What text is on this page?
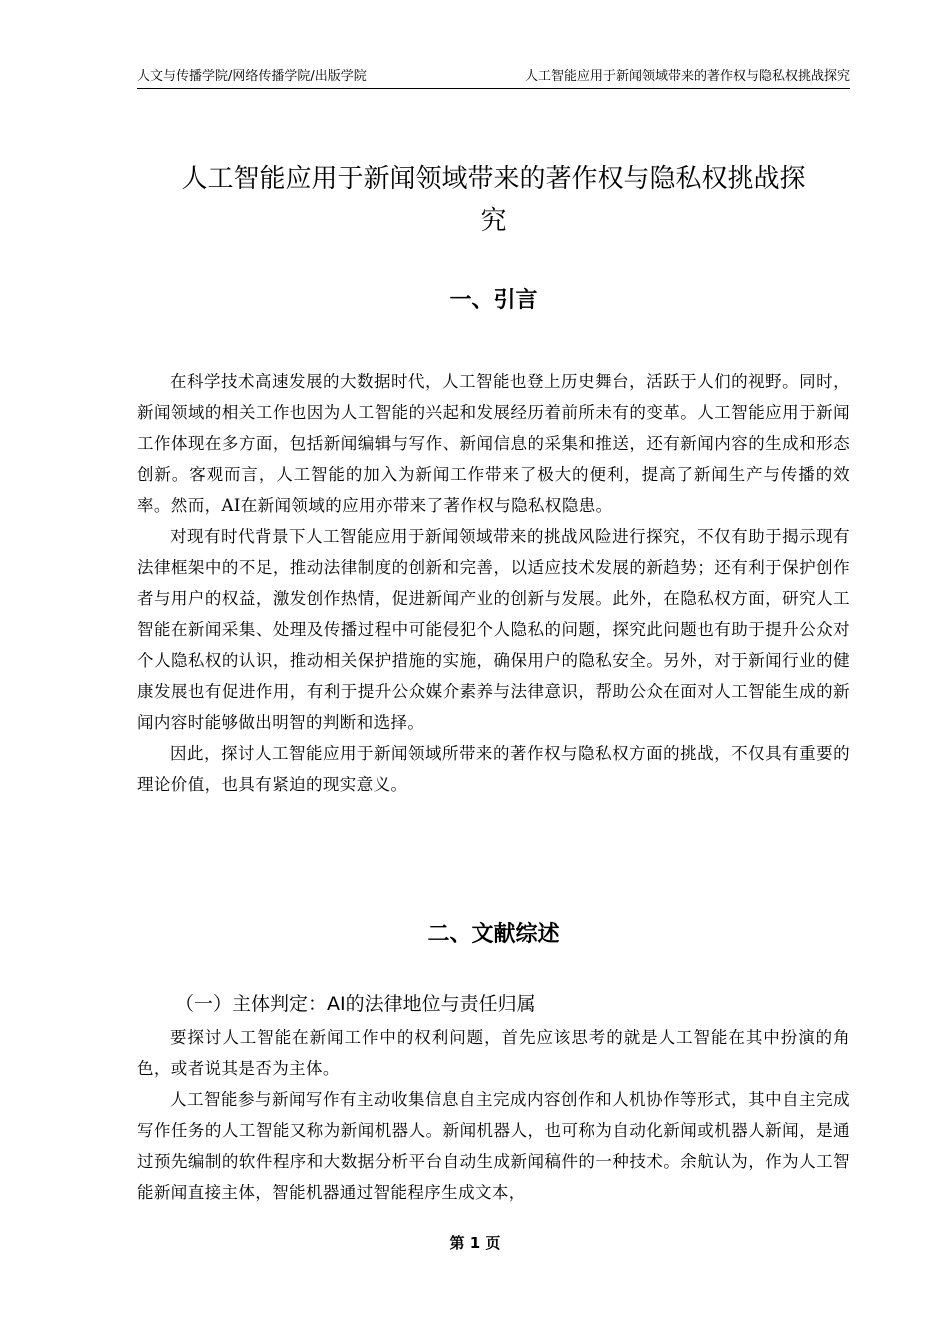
人文与传播学院/网络传播学院/出版学院	人工智能应用于新闻领域带来的著作权与隐私权挑战探究
人工智能应用于新闻领域带来的著作权与隐私权挑战探
究
一、引言

在科学技术高速发展的大数据时代，人工智能也登上历史舞台，活跃于人们的视野。同时，新闻领域的相关工作也因为人工智能的兴起和发展经历着前所未有的变革。人工智能应用于新闻工作体现在多方面，包括新闻编辑与写作、新闻信息的采集和推送，还有新闻内容的生成和形态创新。客观而言，人工智能的加入为新闻工作带来了极大的便利，提高了新闻生产与传播的效率。然而，AI在新闻领域的应用亦带来了著作权与隐私权隐患。

对现有时代背景下人工智能应用于新闻领域带来的挑战风险进行探究，不仅有助于揭示现有法律框架中的不足，推动法律制度的创新和完善，以适应技术发展的新趋势；还有利于保护创作者与用户的权益，激发创作热情，促进新闻产业的创新与发展。此外，在隐私权方面，研究人工智能在新闻采集、处理及传播过程中可能侵犯个人隐私的问题，探究此问题也有助于提升公众对个人隐私权的认识，推动相关保护措施的实施，确保用户的隐私安全。另外，对于新闻行业的健康发展也有促进作用，有利于提升公众媒介素养与法律意识，帮助公众在面对人工智能生成的新闻内容时能够做出明智的判断和选择。

因此，探讨人工智能应用于新闻领域所带来的著作权与隐私权方面的挑战，不仅具有重要的理论价值，也具有紧迫的现实意义。

二、文献综述
（一）主体判定：AI的法律地位与责任归属

要探讨人工智能在新闻工作中的权利问题，首先应该思考的就是人工智能在其中扮演的角色，或者说其是否为主体。

人工智能参与新闻写作有主动收集信息自主完成内容创作和人机协作等形式，其中自主完成写作任务的人工智能又称为新闻机器人。新闻机器人，也可称为自动化新闻或机器人新闻，是通过预先编制的软件程序和大数据分析平台自动生成新闻稿件的一种技术。余航认为，作为人工智能新闻直接主体，智能机器通过智能程序生成文本，

第 1 页
